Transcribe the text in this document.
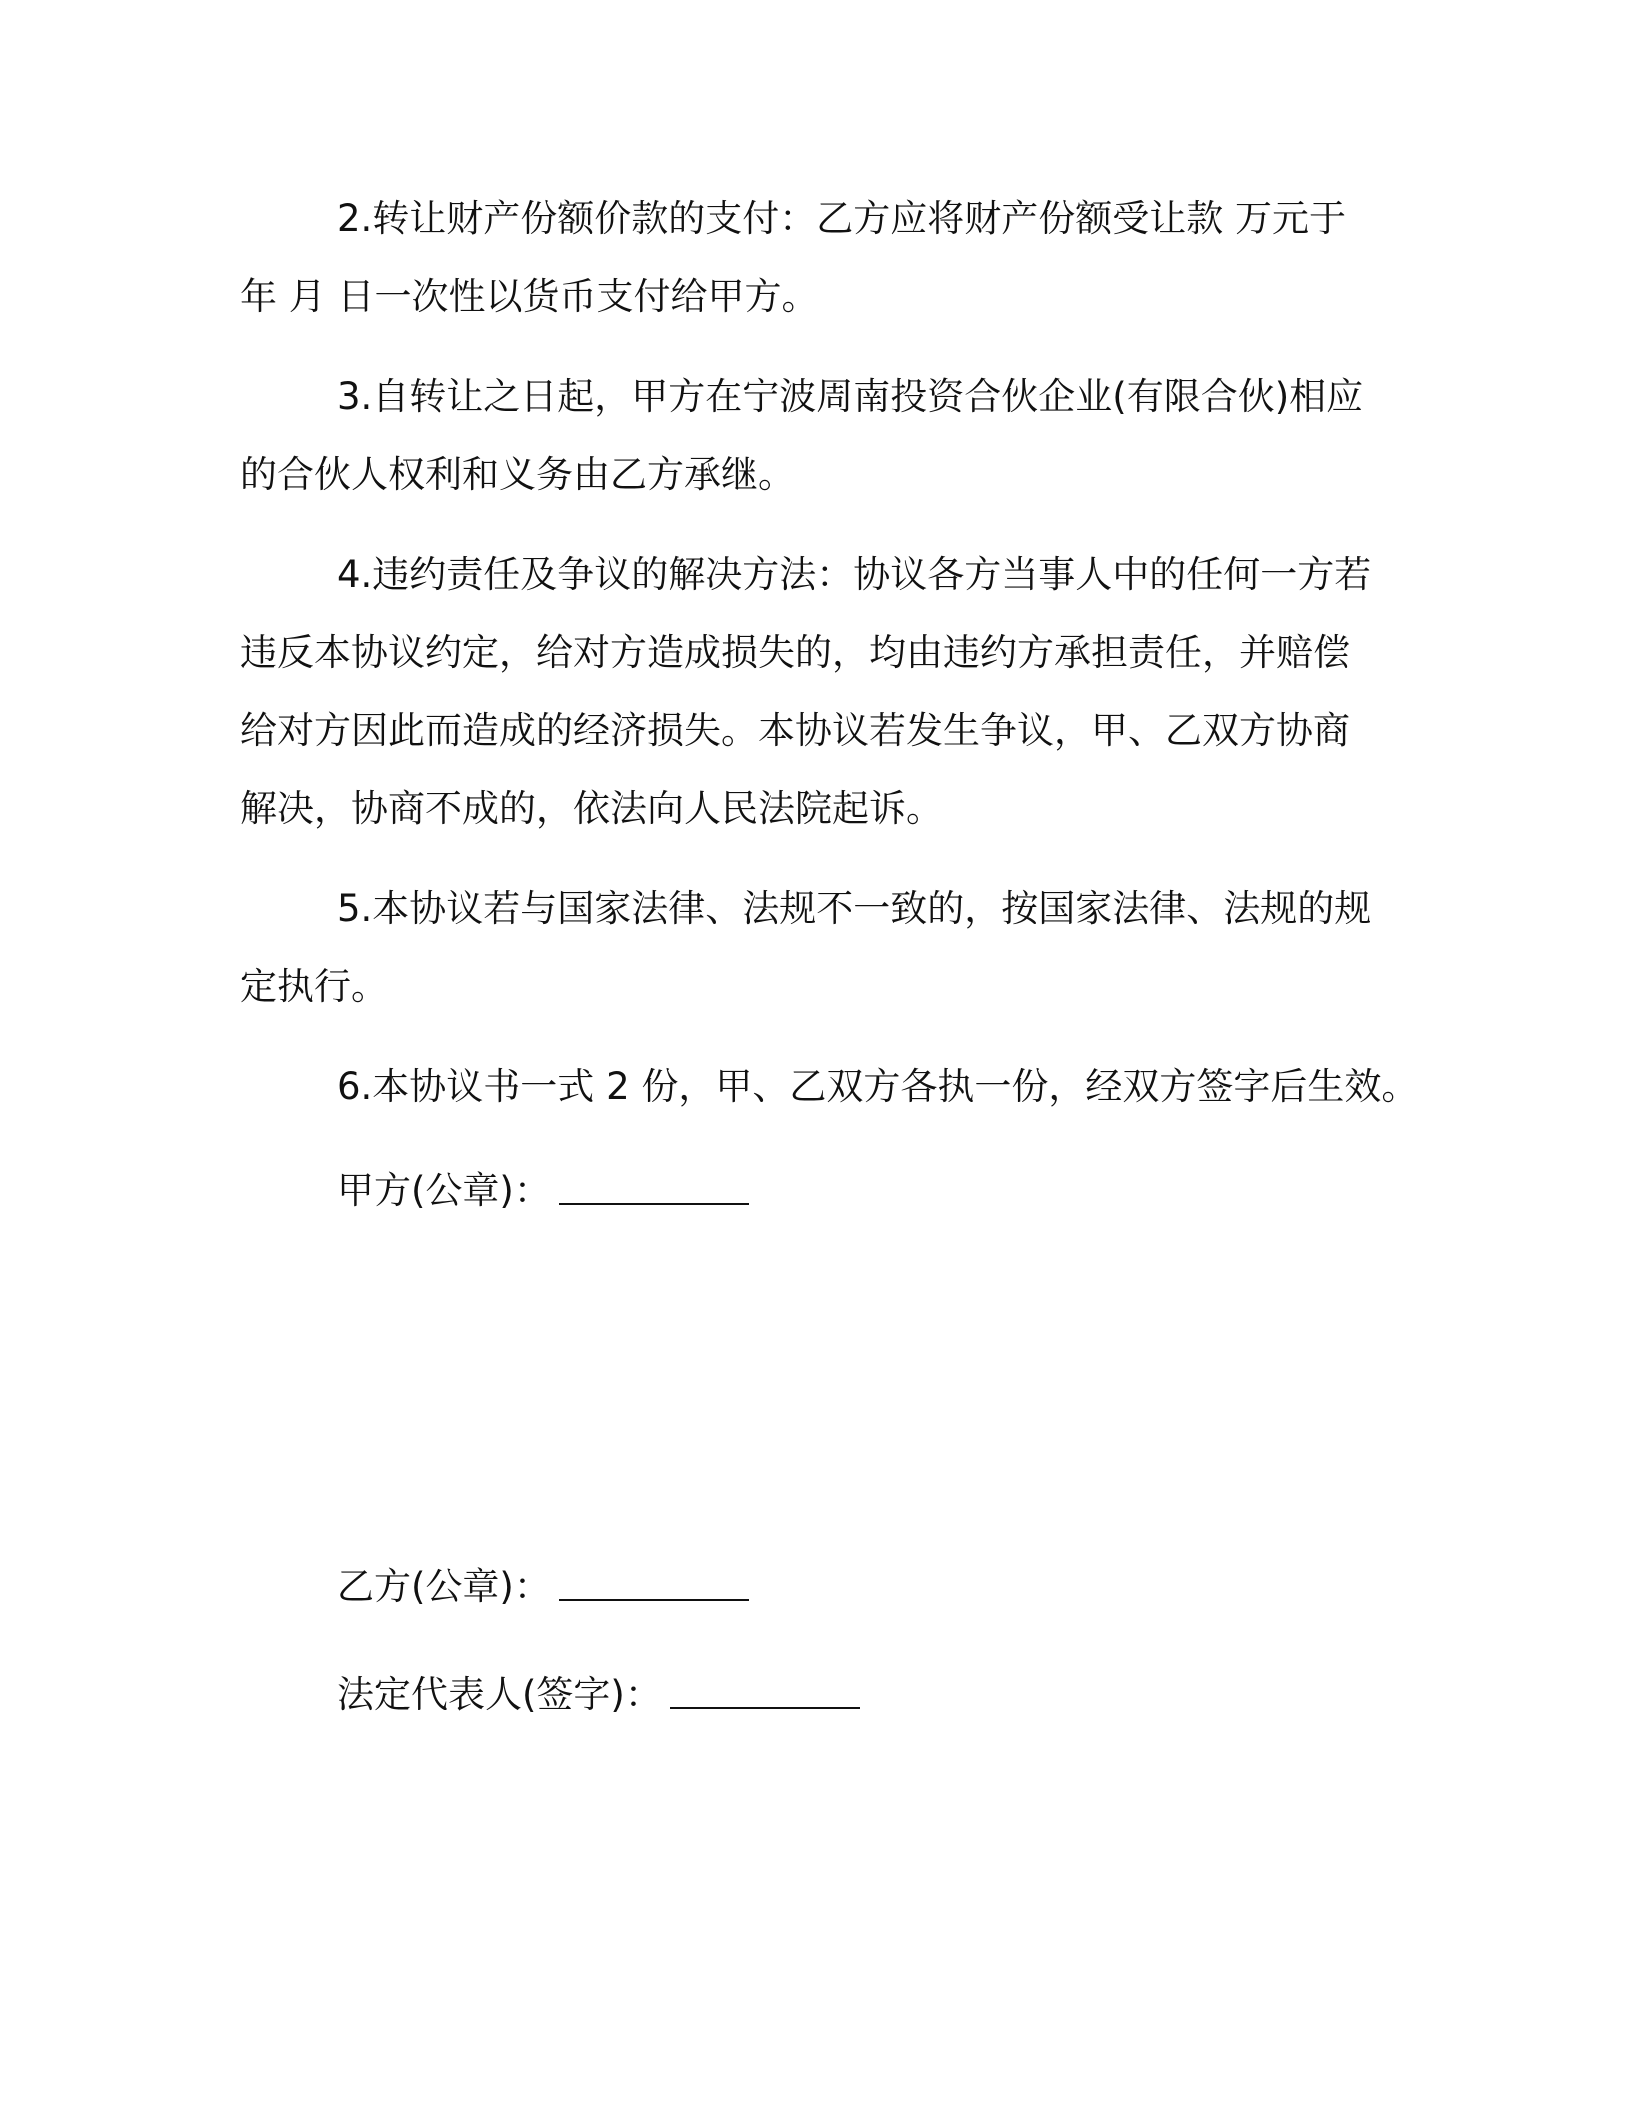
2.转让财产份额价款的支付：乙方应将财产份额受让款 万元于

年 月 日一次性以货币支付给甲方。

3.自转让之日起，甲方在宁波周南投资合伙企业(有限合伙)相应

的合伙人权利和义务由乙方承继。

4.违约责任及争议的解决方法：协议各方当事人中的任何一方若

违反本协议约定，给对方造成损失的，均由违约方承担责任，并赔偿

给对方因此而造成的经济损失。本协议若发生争议，甲、乙双方协商

解决，协商不成的，依法向人民法院起诉。

5.本协议若与国家法律、法规不一致的，按国家法律、法规的规

定执行。

6.本协议书一式 2 份，甲、乙双方各执一份，经双方签字后生效。

甲方(公章)：
乙方(公章)：
法定代表人(签字)：
